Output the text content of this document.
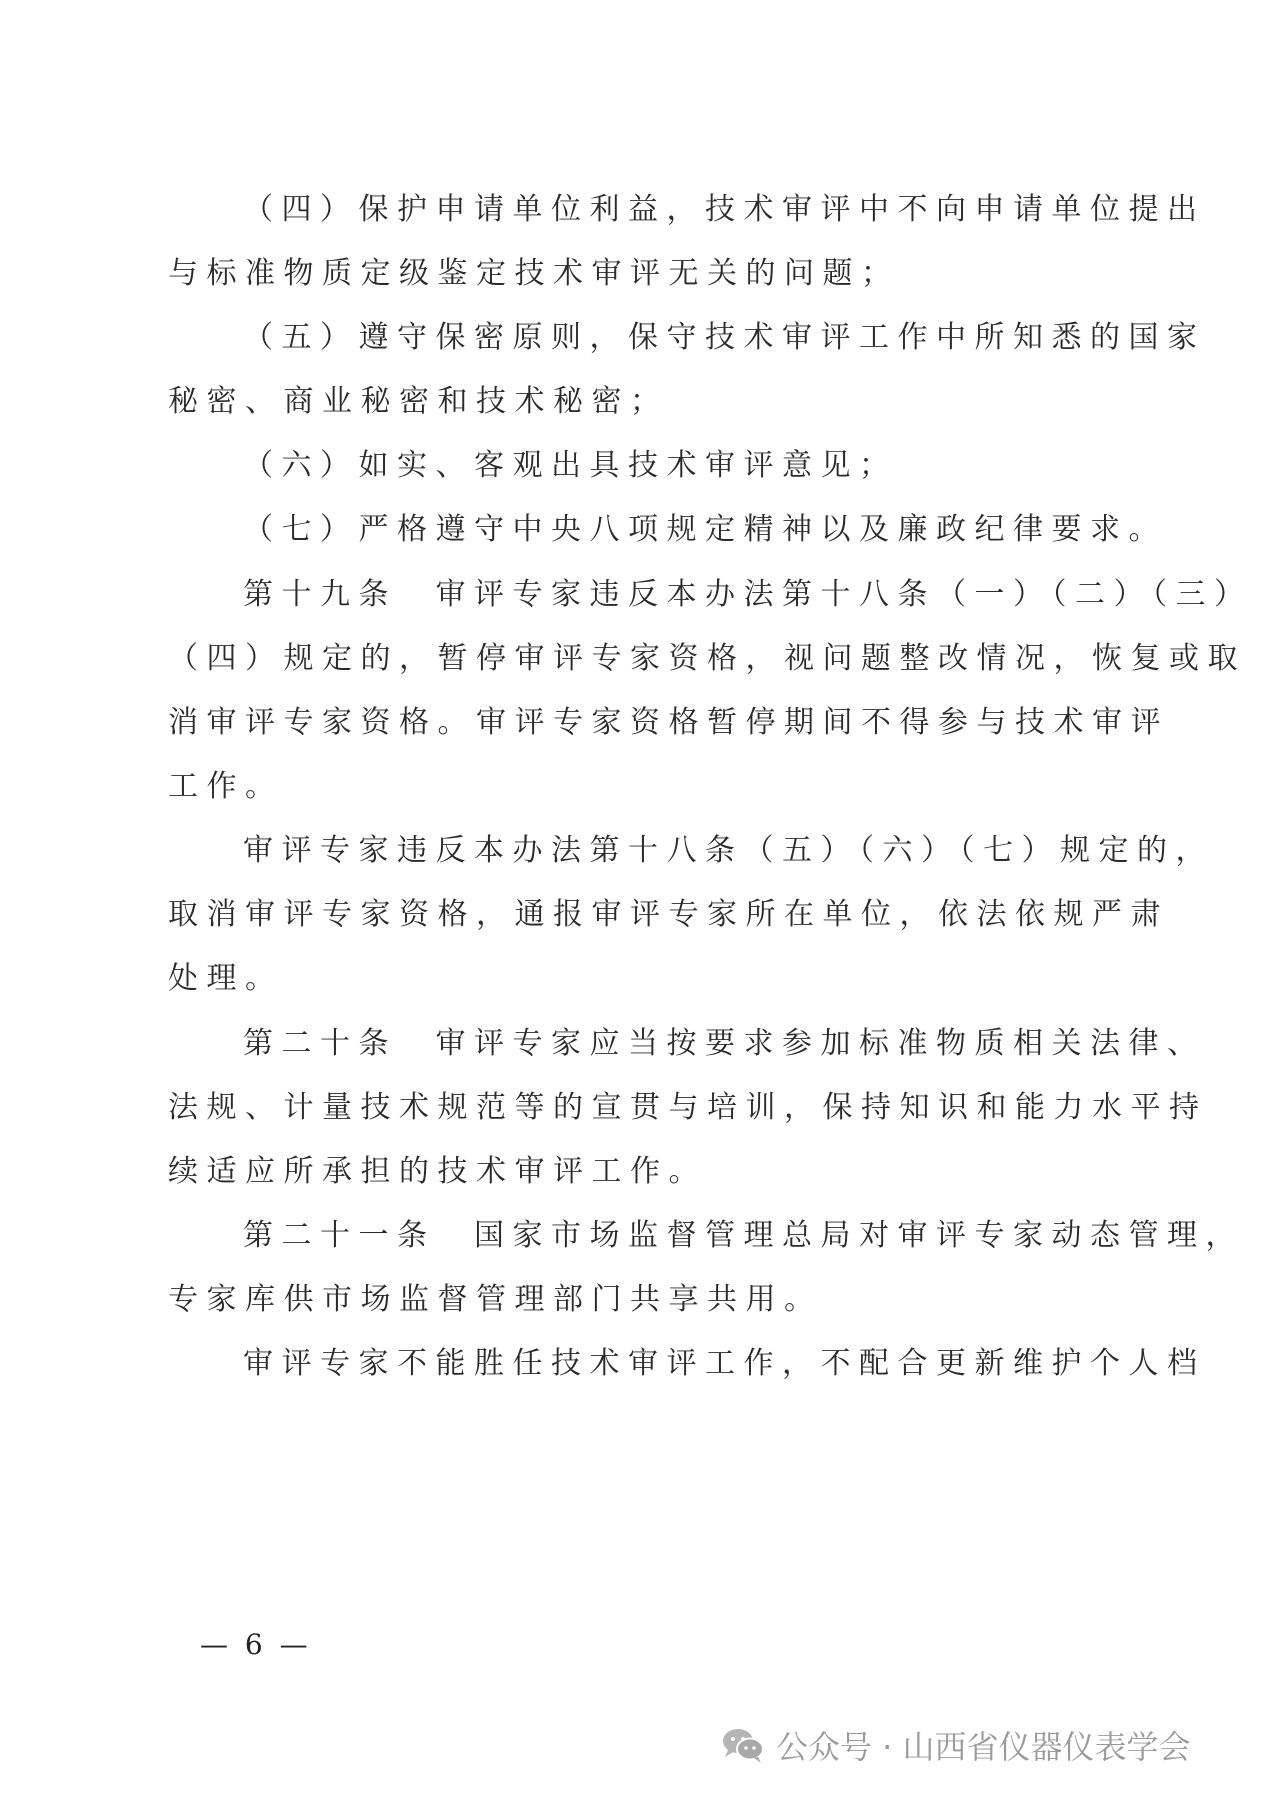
（四）保护申请单位利益，技术审评中不向申请单位提出
与标准物质定级鉴定技术审评无关的问题；
（五）遵守保密原则，保守技术审评工作中所知悉的国家
秘密、商业秘密和技术秘密；
（六）如实、客观出具技术审评意见；
（七）严格遵守中央八项规定精神以及廉政纪律要求。
第十九条　审评专家违反本办法第十八条（一）（二）（三）
（四）规定的，暂停审评专家资格，视问题整改情况，恢复或取
消审评专家资格。审评专家资格暂停期间不得参与技术审评
工作。
审评专家违反本办法第十八条（五）（六）（七）规定的，
取消审评专家资格，通报审评专家所在单位，依法依规严肃
处理。
第二十条　审评专家应当按要求参加标准物质相关法律、
法规、计量技术规范等的宣贯与培训，保持知识和能力水平持
续适应所承担的技术审评工作。
第二十一条　国家市场监督管理总局对审评专家动态管理，
专家库供市场监督管理部门共享共用。
审评专家不能胜任技术审评工作，不配合更新维护个人档
— 6 —
公众号 · 山西省仪器仪表学会
